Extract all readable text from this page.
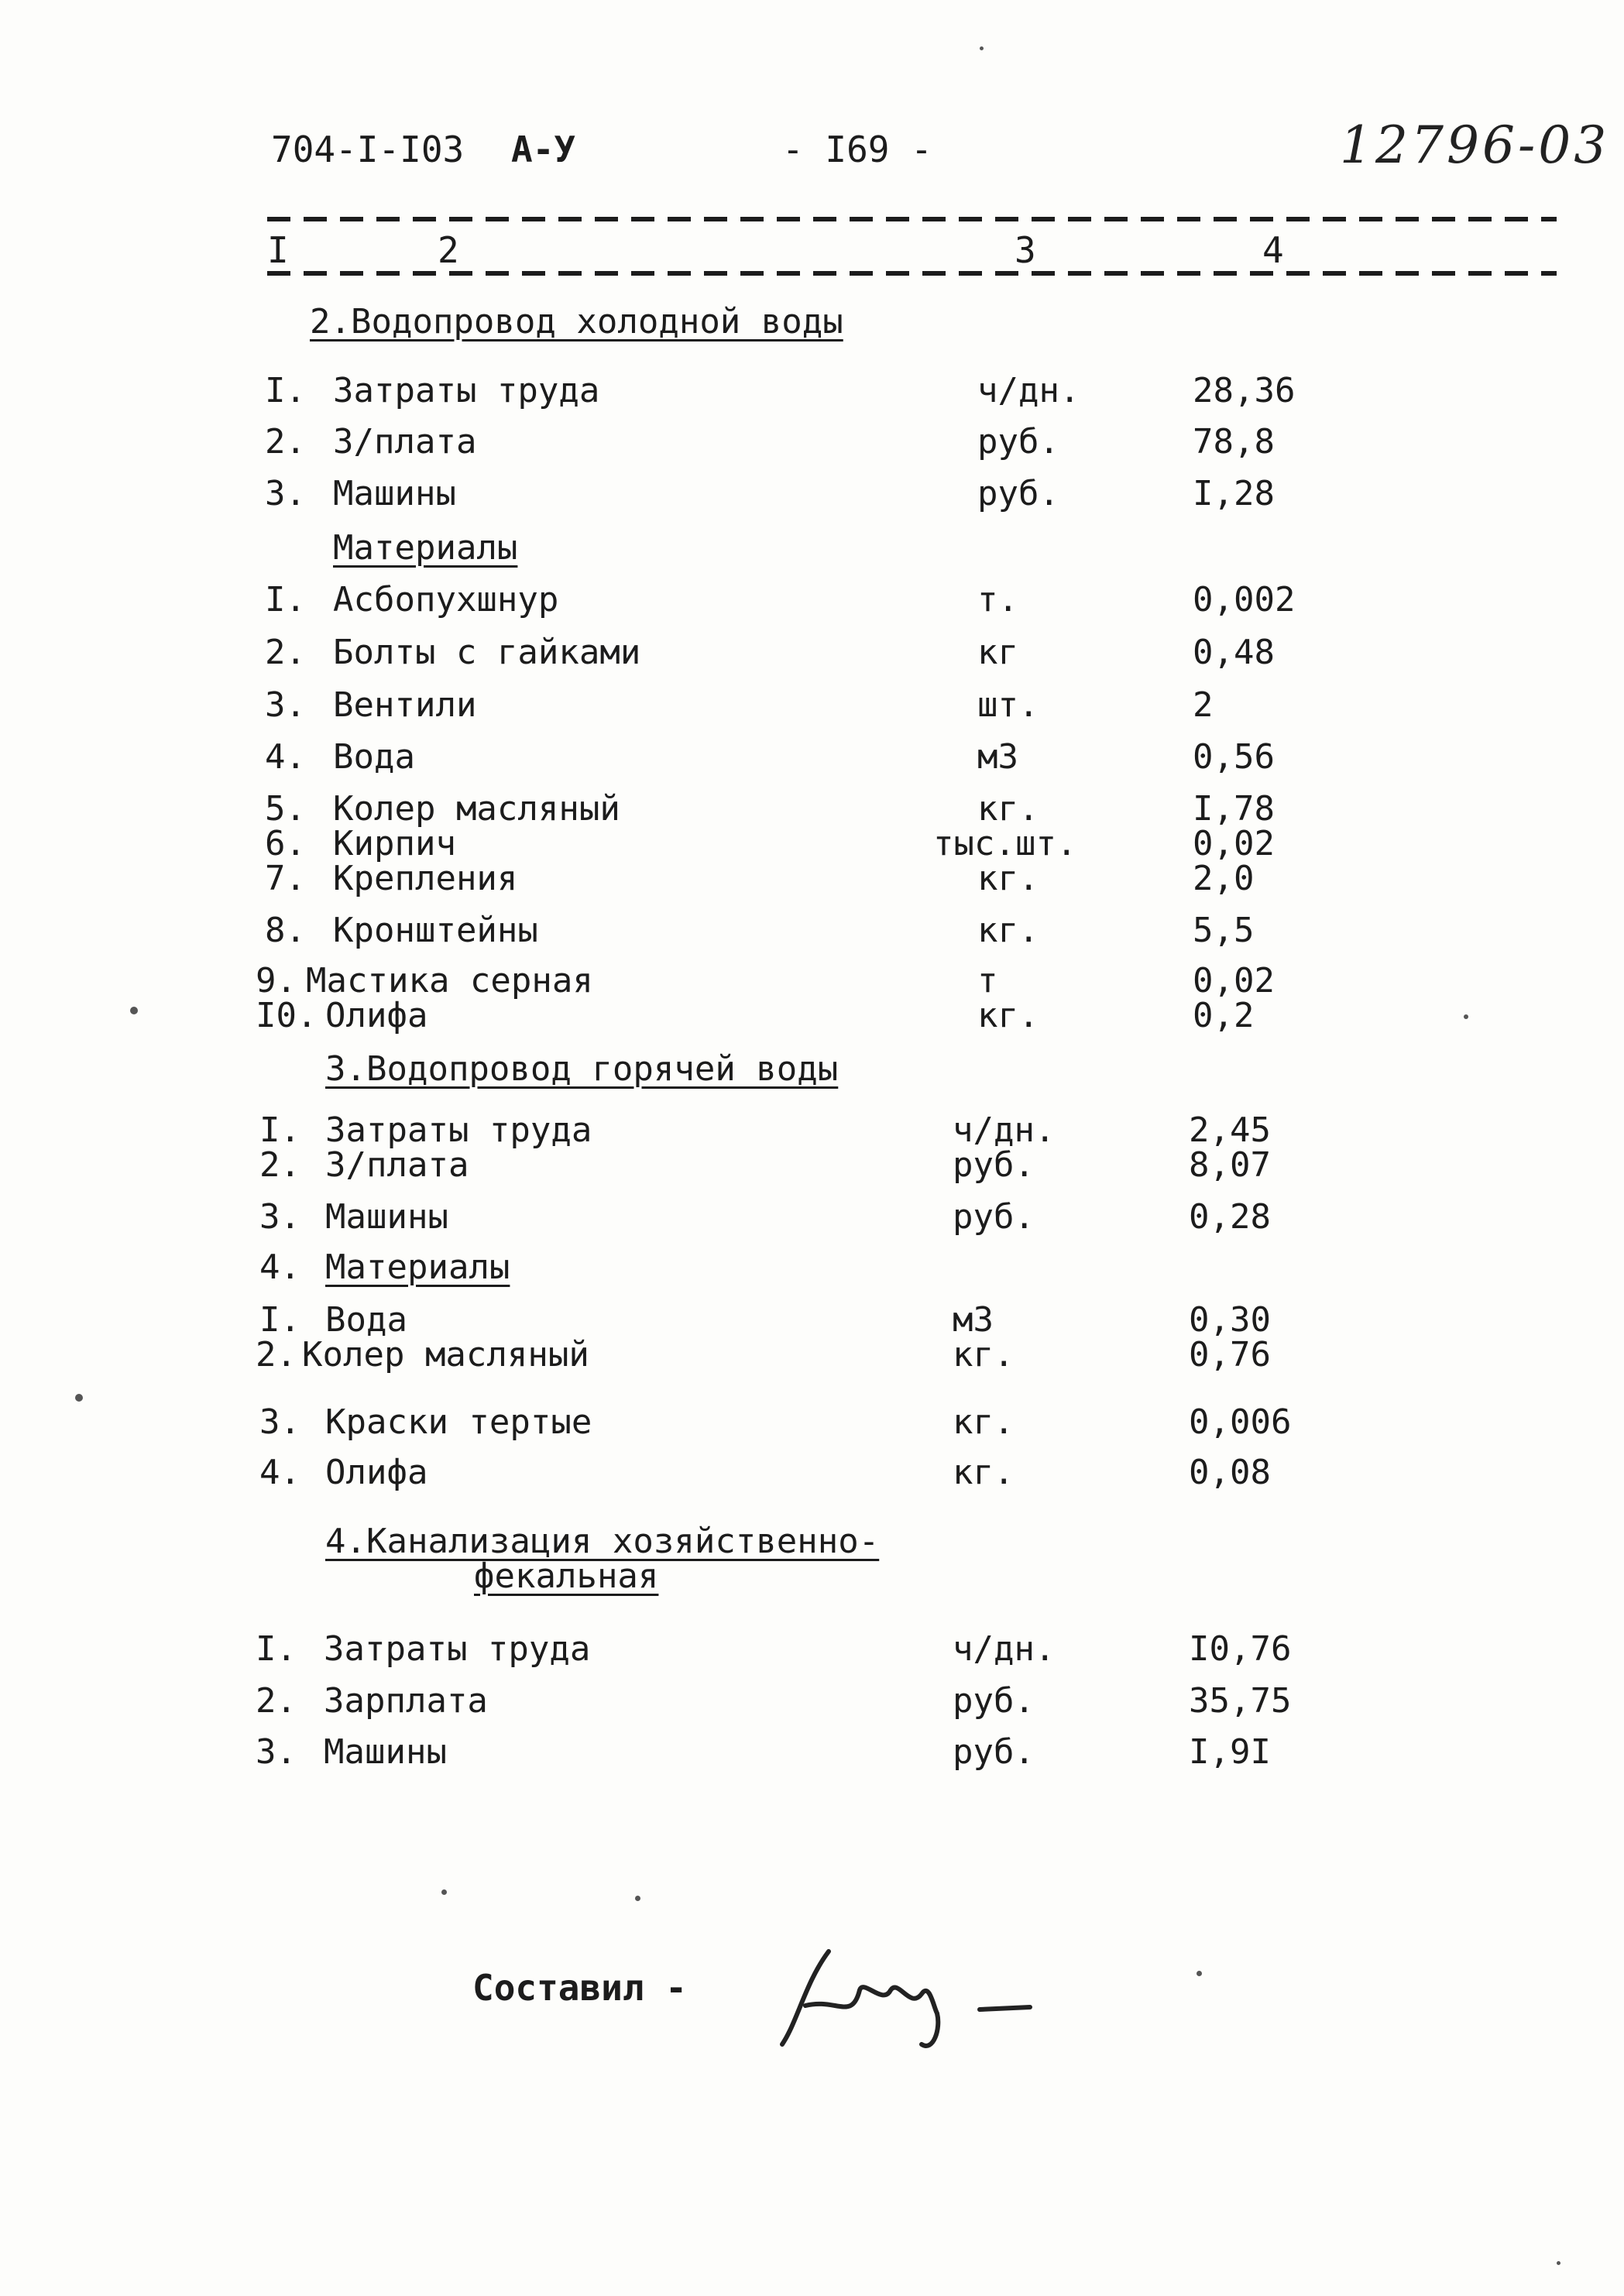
704-I-I03 А-У	- I69 -	12796-03
I	2	3	4
2.Водопровод холодной воды
I. Затраты труда	ч/дн.	28,36
2. З/плата	руб.	78,8
3. Машины	руб.	I,28
Материалы
I. Асбопухшнур	т.	0,002
2. Болты с гайками	кг	0,48
3. Вентили	шт.	2
4. Вода	м3	0,56
5. Колер масляный	кг.	I,78
6. Кирпич	тыс.шт.	0,02
7. Крепления	кг.	2,0
8. Кронштейны	кг.	5,5
9. Мастика серная	т	0,02
I0. Олифа	кг.	0,2
3.Водопровод горячей воды
I. Затраты труда	ч/дн.	2,45
2. З/плата	руб.	8,07
3. Машины	руб.	0,28
4. Материалы
I. Вода	м3	0,30
2. Колер масляный	кг.	0,76
3. Краски тертые	кг.	0,006
4. Олифа	кг.	0,08
4.Канализация хозяйственно-
фекальная
I. Затраты труда	ч/дн.	I0,76
2. Зарплата	руб.	35,75
3. Машины	руб.	I,9I
Составил -
